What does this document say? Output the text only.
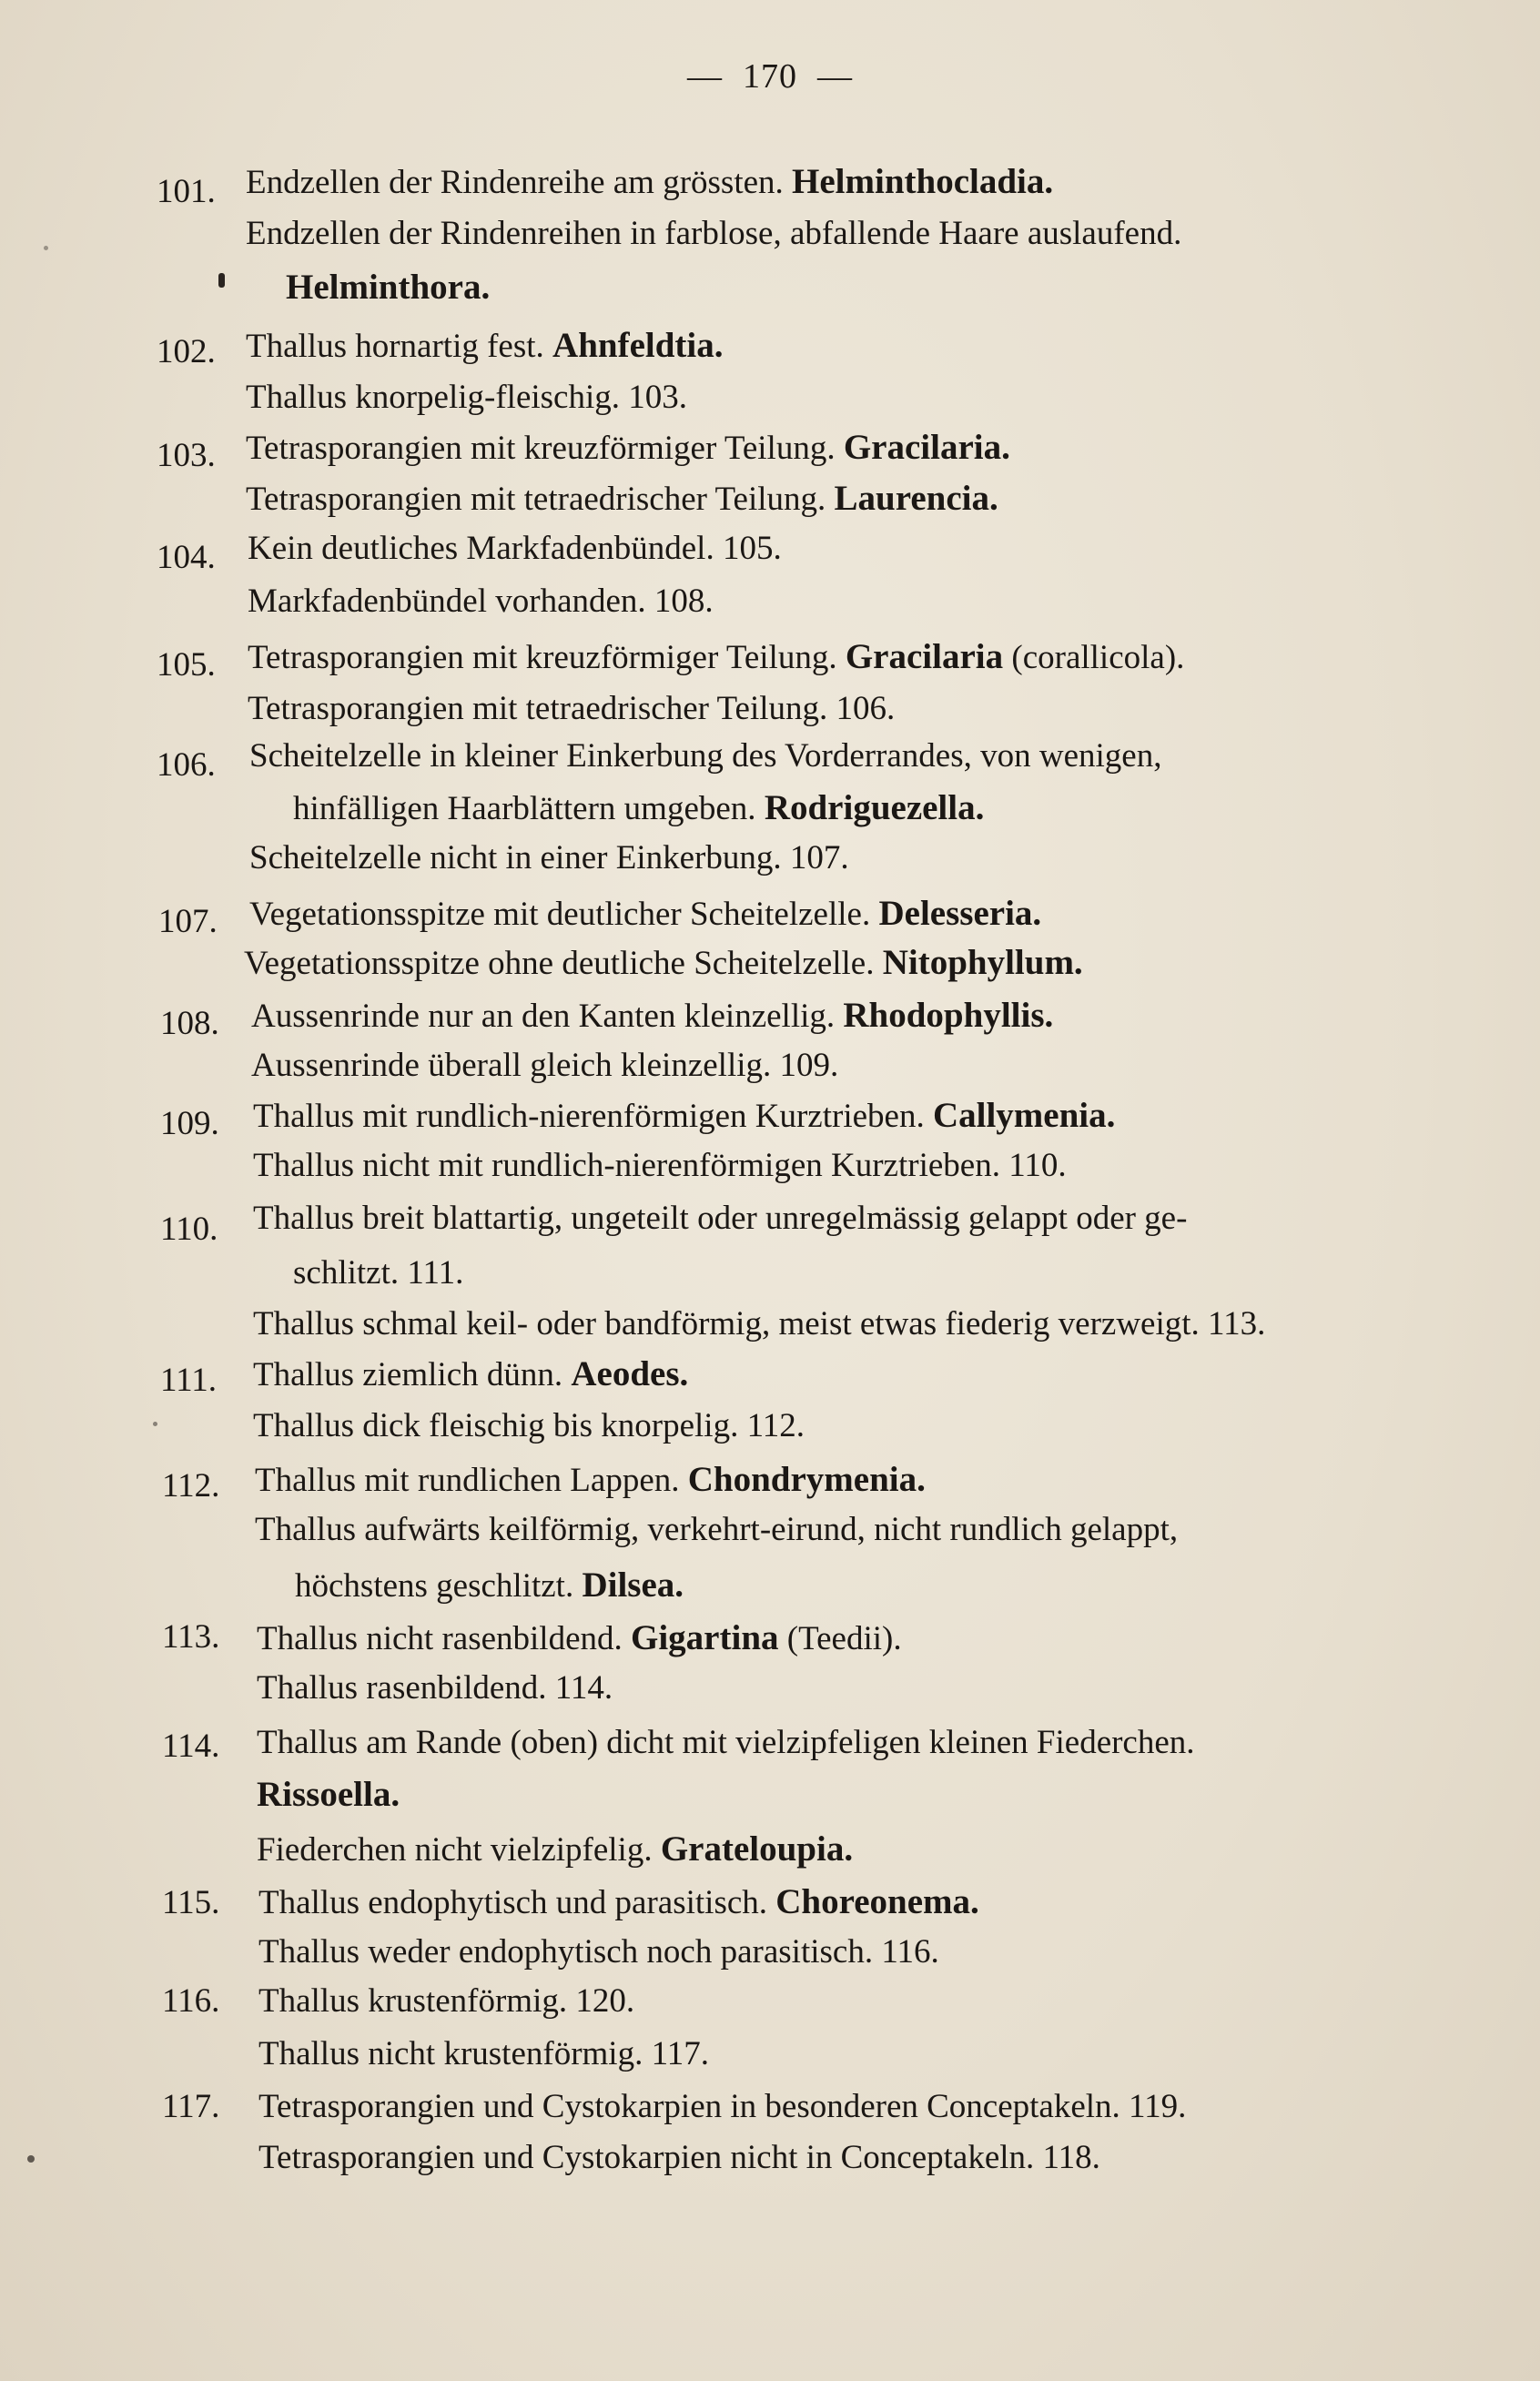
— 170 —
101. Endzellen der Rindenreihe am grössten. Helminthocladia.
Endzellen der Rindenreihen in farblose, abfallende Haare auslaufend.
Helminthora.
102. Thallus hornartig fest. Ahnfeldtia.
Thallus knorpelig-fleischig. 103.
103. Tetrasporangien mit kreuzförmiger Teilung. Gracilaria.
Tetrasporangien mit tetraedrischer Teilung. Laurencia.
104. Kein deutliches Markfadenbündel. 105.
Markfadenbündel vorhanden. 108.
105. Tetrasporangien mit kreuzförmiger Teilung. Gracilaria (corallicola).
Tetrasporangien mit tetraedrischer Teilung. 106.
106. Scheitelzelle in kleiner Einkerbung des Vorderrandes, von wenigen,
hinfälligen Haarblättern umgeben. Rodriguezella.
Scheitelzelle nicht in einer Einkerbung. 107.
107. Vegetationsspitze mit deutlicher Scheitelzelle. Delesseria.
Vegetationsspitze ohne deutliche Scheitelzelle. Nitophyllum.
108. Aussenrinde nur an den Kanten kleinzellig. Rhodophyllis.
Aussenrinde überall gleich kleinzellig. 109.
109. Thallus mit rundlich-nierenförmigen Kurztrieben. Callymenia.
Thallus nicht mit rundlich-nierenförmigen Kurztrieben. 110.
110. Thallus breit blattartig, ungeteilt oder unregelmässig gelappt oder ge-
schlitzt. 111.
Thallus schmal keil- oder bandförmig, meist etwas fiederig verzweigt. 113.
111. Thallus ziemlich dünn. Aeodes.
Thallus dick fleischig bis knorpelig. 112.
112. Thallus mit rundlichen Lappen. Chondrymenia.
Thallus aufwärts keilförmig, verkehrt-eirund, nicht rundlich gelappt,
höchstens geschlitzt. Dilsea.
113. Thallus nicht rasenbildend. Gigartina (Teedii).
Thallus rasenbildend. 114.
114. Thallus am Rande (oben) dicht mit vielzipfeligen kleinen Fiederchen.
Rissoella.
Fiederchen nicht vielzipfelig. Grateloupia.
115. Thallus endophytisch und parasitisch. Choreonema.
Thallus weder endophytisch noch parasitisch. 116.
116. Thallus krustenförmig. 120.
Thallus nicht krustenförmig. 117.
117. Tetrasporangien und Cystokarpien in besonderen Conceptakeln. 119.
Tetrasporangien und Cystokarpien nicht in Conceptakeln. 118.
